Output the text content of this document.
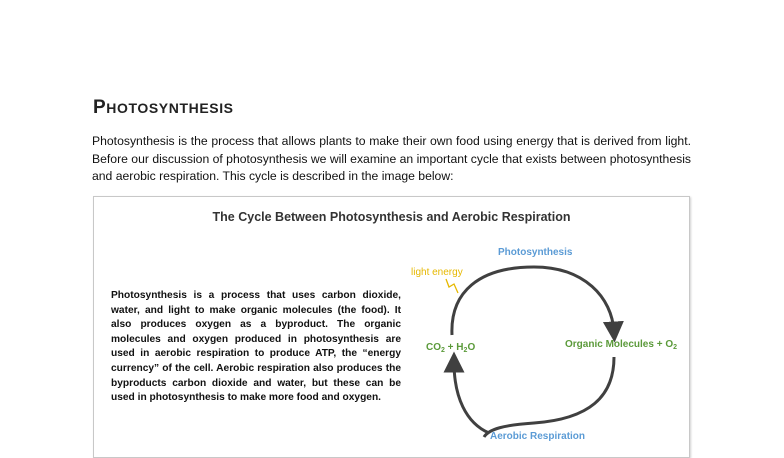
PHOTOSYNTHESIS

Photosynthesis is the process that allows plants to make their own food using energy that is derived from light. Before our discussion of photosynthesis we will examine an important cycle that exists between photosynthesis and aerobic respiration. This cycle is described in the image below:

The Cycle Between Photosynthesis and Aerobic Respiration
Photosynthesis is a process that uses carbon dioxide, water, and light to make organic molecules (the food). It also produces oxygen as a byproduct. The organic molecules and oxygen produced in photosynthesis are used in aerobic respiration to produce ATP, the “energy currency” of the cell. Aerobic respiration also produces the byproducts carbon dioxide and water, but these can be used in photosynthesis to make more food and oxygen.
Photosynthesis
light energy
$CO_2 + H_2O$	Organic Molecules + $O_2$
Aerobic Respiration
